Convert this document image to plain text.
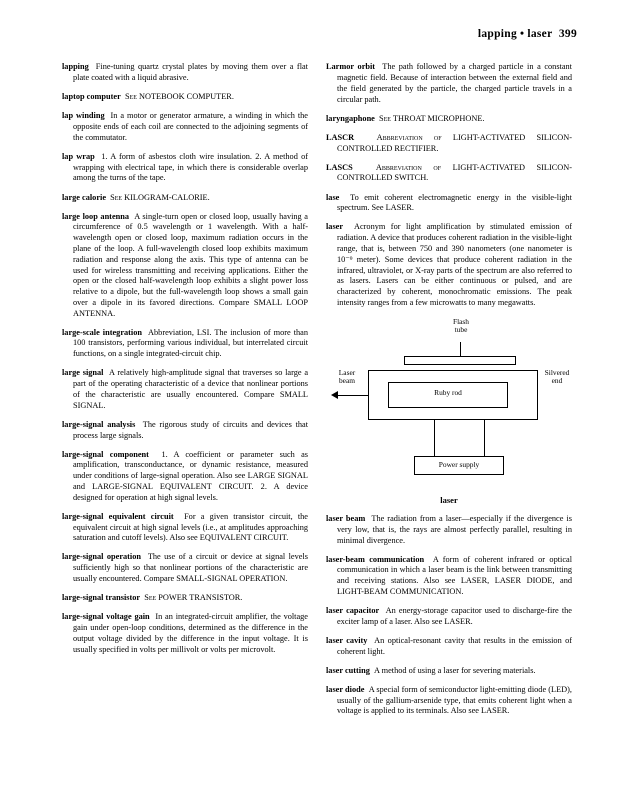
lapping • laser 399

lapping Fine-tuning quartz crystal plates by moving them over a flat plate coated with a liquid abrasive.

laptop computer See NOTEBOOK COMPUTER.

lap winding In a motor or generator armature, a winding in which the opposite ends of each coil are connected to the adjoining segments of the commutator.

lap wrap 1. A form of asbestos cloth wire insulation. 2. A method of wrapping with electrical tape, in which there is considerable overlap among the turns of the tape.

large calorie See KILOGRAM-CALORIE.

large loop antenna A single-turn open or closed loop, usually having a circumference of 0.5 wavelength or 1 wavelength. With a half-wavelength open or closed loop, maximum radiation occurs in the plane of the loop. A full-wavelength closed loop exhibits maximum radiation and response along the axis. This type of antenna can be used for wireless transmitting and receiving applications. Either the open or the closed half-wavelength loop exhibits a slight power loss relative to a dipole, but the full-wavelength loop shows a small gain over a dipole in its favored directions. Compare SMALL LOOP ANTENNA.

large-scale integration Abbreviation, LSI. The inclusion of more than 100 transistors, performing various individual, but interrelated circuit functions, on a single integrated-circuit chip.

large signal A relatively high-amplitude signal that traverses so large a part of the operating characteristic of a device that nonlinear portions of the characteristic are usually encountered. Compare SMALL SIGNAL.

large-signal analysis The rigorous study of circuits and devices that process large signals.

large-signal component 1. A coefficient or parameter such as amplification, transconductance, or dynamic resistance, measured under conditions of large-signal operation. Also see LARGE SIGNAL and LARGE-SIGNAL EQUIVALENT CIRCUIT. 2. A device designed for operation at high signal levels.

large-signal equivalent circuit For a given transistor circuit, the equivalent circuit at high signal levels (i.e., at amplitudes approaching saturation and cutoff levels). Also see EQUIVALENT CIRCUIT.

large-signal operation The use of a circuit or device at signal levels sufficiently high so that nonlinear portions of the characteristic are usually encountered. Compare SMALL-SIGNAL OPERATION.

large-signal transistor See POWER TRANSISTOR.

large-signal voltage gain In an integrated-circuit amplifier, the voltage gain under open-loop conditions, determined as the difference in the output voltage divided by the difference in the input voltage. It is usually specified in volts per millivolt or volts per microvolt.

Larmor orbit The path followed by a charged particle in a constant magnetic field. Because of interaction between the external field and the field generated by the particle, the charged particle travels in a circular path.

laryngaphone See THROAT MICROPHONE.

LASCR	Abbreviation of LIGHT-ACTIVATED SILICON-CONTROLLED RECTIFIER.

LASCS	Abbreviation of LIGHT-ACTIVATED SILICON-CONTROLLED SWITCH.

lase To emit coherent electromagnetic energy in the visible-light spectrum. See LASER.

laser Acronym for light amplification by stimulated emission of radiation. A device that produces coherent radiation in the visible-light range, that is, between 750 and 390 nanometers (one nanometer is 10⁻⁹ meter). Some devices that produce coherent radiation in the infrared, ultraviolet, or X-ray parts of the spectrum are also referred to as lasers. Lasers can be either continuous or pulsed, and are characterized by coherent, monochromatic emissions. The peak intensity ranges from a few microwatts to many megawatts.

Flash
tube
Ruby rod
Laser
beam
Silvered
end
Power supply
laser

laser beam The radiation from a laser—especially if the divergence is very low, that is, the rays are almost perfectly parallel, resulting in minimal divergence.

laser-beam communication A form of coherent infrared or optical communication in which a laser beam is the link between transmitting and receiving stations. Also see LASER, LASER DIODE, and LIGHT-BEAM COMMUNICATION.

laser capacitor An energy-storage capacitor used to discharge-fire the exciter lamp of a laser. Also see LASER.

laser cavity An optical-resonant cavity that results in the emission of coherent light.

laser cutting A method of using a laser for severing materials.

laser diode A special form of semiconductor light-emitting diode (LED), usually of the gallium-arsenide type, that emits coherent light when a voltage is applied to its terminals. Also see LASER.
